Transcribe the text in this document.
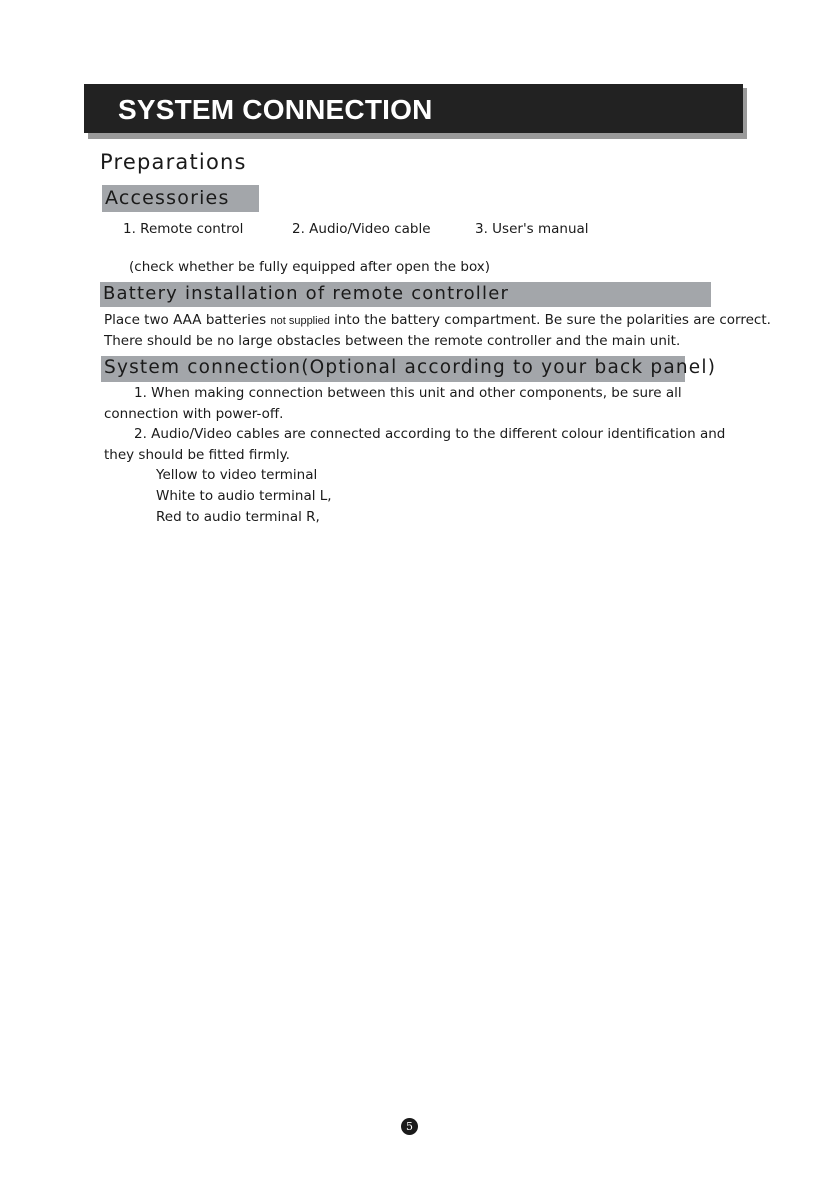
SYSTEM CONNECTION
Preparations
Accessories
1. Remote control	2. Audio/Video cable	3. User's manual
(check whether be fully equipped after open the box)
Battery installation of remote controller
Place two AAA batteries not supplied into the battery compartment. Be sure the polarities are correct.
There should be no large obstacles between the remote controller and the main unit.
System connection(Optional according to your back panel)
1. When making connection between this unit and other components, be sure all
connection with power-off.
2. Audio/Video cables are connected according to the different colour identification and
they should be fitted firmly.
Yellow to video terminal
White to audio terminal L,
Red to audio terminal R,
5
